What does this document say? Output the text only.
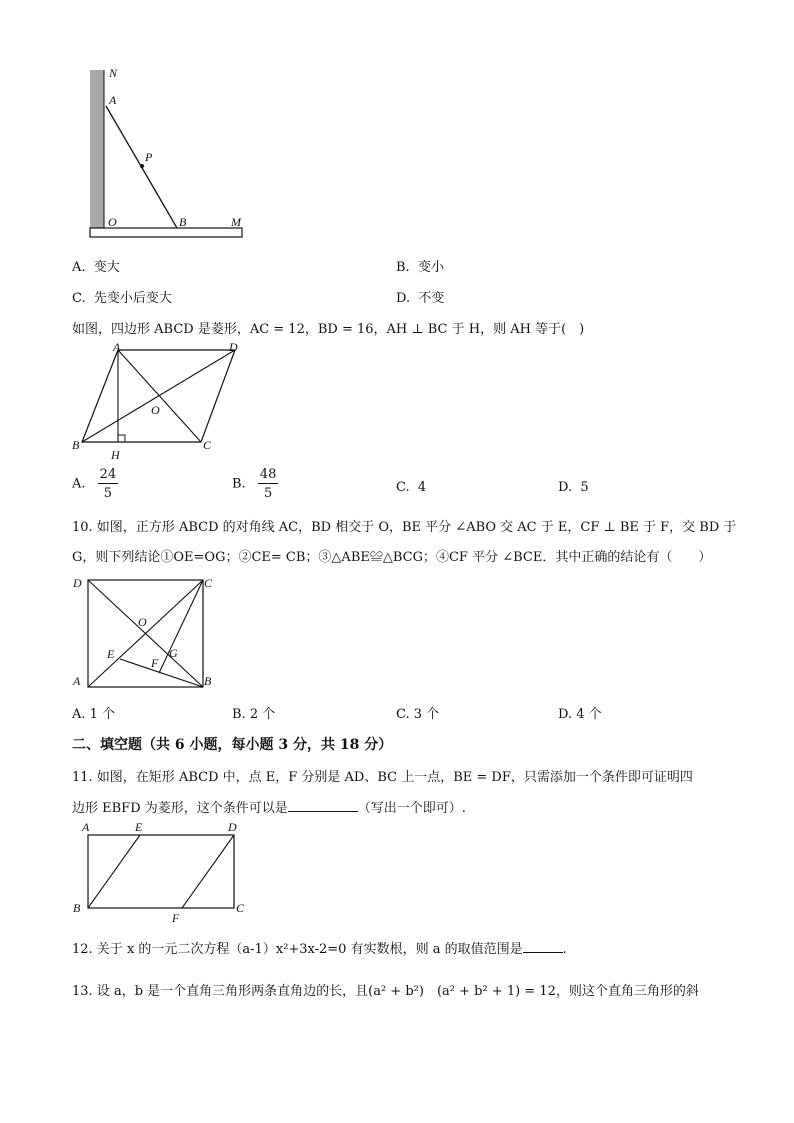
N
A
P
O	B	M
A. 变大	B. 变小
C. 先变小后变大	D. 不变
如图，四边形 ABCD 是菱形，AC = 12，BD = 16，AH ⊥ BC 于 H，则 AH 等于(　)
A	D
O
B
H
C
A. $\frac{24}{5}$	B. $\frac{48}{5}$	C. 4	D. 5
10. 如图，正方形 ABCD 的对角线 AC，BD 相交于 O，BE 平分 ∠ABO 交 AC 于 E，CF ⊥ BE 于 F，交 BD 于
G，则下列结论①OE=OG；②CE= CB；③△ABE≌△BCG；④CF 平分 ∠BCE．其中正确的结论有（　　）
D	C
O
E	G
F
A	B
A. 1 个	B. 2 个	C. 3 个	D. 4 个
二、填空题（共 6 小题，每小题 3 分，共 18 分）
11. 如图，在矩形 ABCD 中，点 E，F 分别是 AD、BC 上一点，BE = DF，只需添加一个条件即可证明四
边形 EBFD 为菱形，这个条件可以是	（写出一个即可）.
A	E	D
B
F
C
12. 关于 x 的一元二次方程（a-1）x²+3x-2=0 有实数根，则 a 的取值范围是	.
13. 设 a，b 是一个直角三角形两条直角边的长，且(a² + b²)　(a² + b² + 1) = 12，则这个直角三角形的斜
